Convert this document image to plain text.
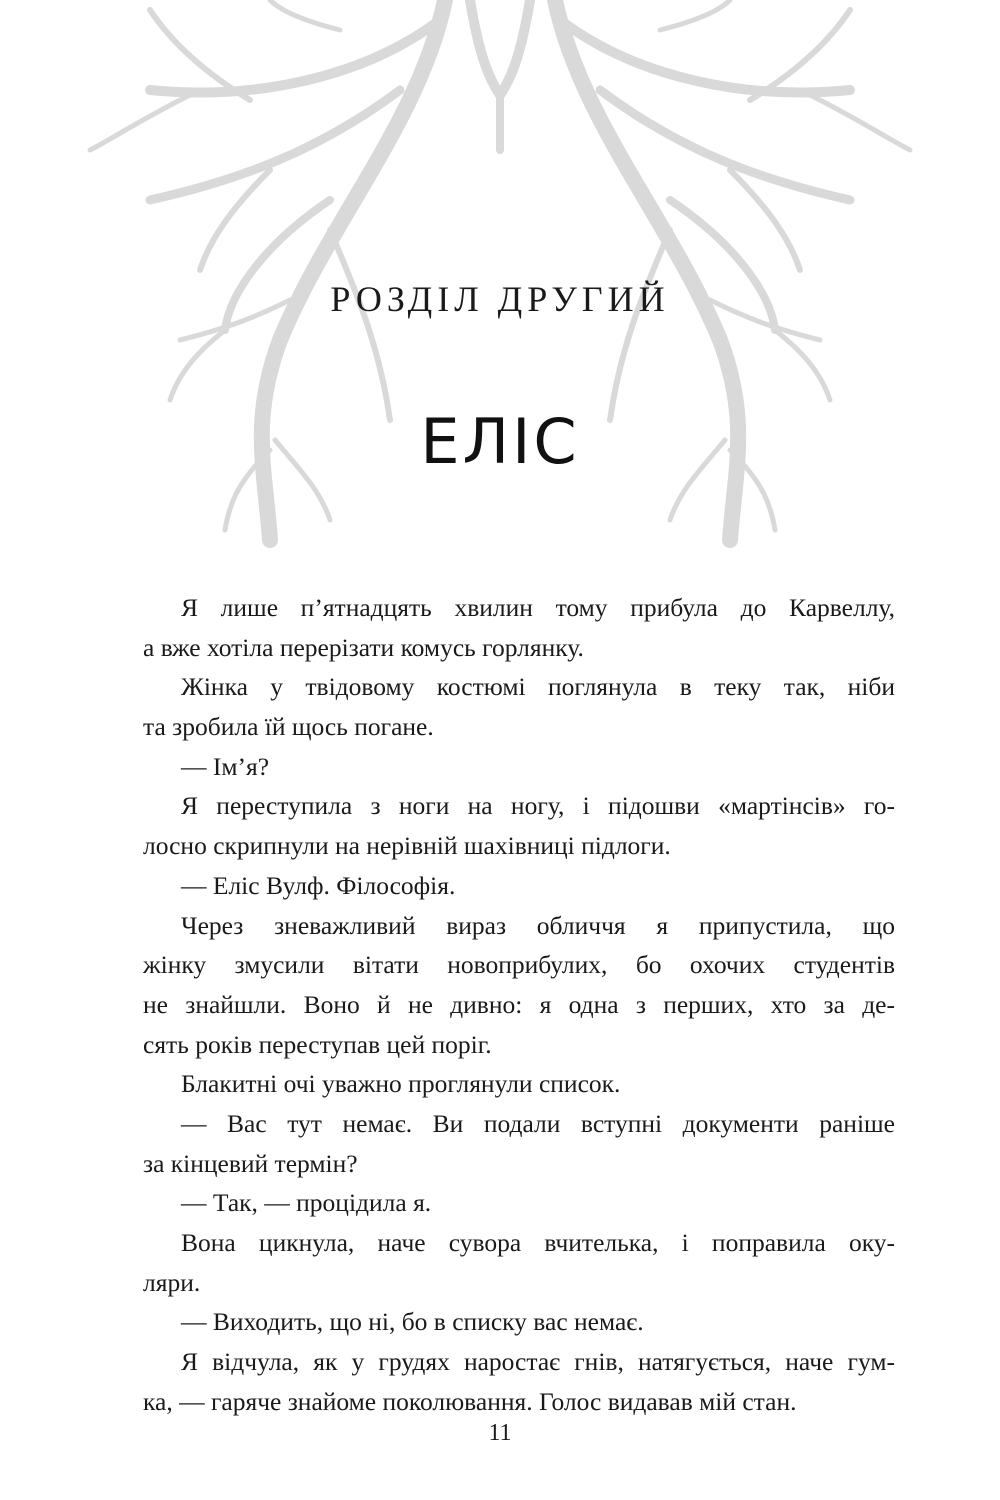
РОЗДІЛ ДРУГИЙ
ЕЛІС
Я лише п’ятнадцять хвилин тому прибула до Карвеллу,
а вже хотіла перерізати комусь горлянку.
Жінка у твідовому костюмі поглянула в теку так, ніби
та зробила їй щось погане.
— Ім’я?
Я переступила з ноги на ногу, і підошви «мартінсів» го-
лосно скрипнули на нерівній шахівниці підлоги.
— Еліс Вулф. Філософія.
Через зневажливий вираз обличчя я припустила, що
жінку змусили вітати новоприбулих, бо охочих студентів
не знайшли. Воно й не дивно: я одна з перших, хто за де-
сять років переступав цей поріг.
Блакитні очі уважно проглянули список.
— Вас тут немає. Ви подали вступні документи раніше
за кінцевий термін?
— Так, — процідила я.
Вона цикнула, наче сувора вчителька, і поправила оку-
ляри.
— Виходить, що ні, бо в списку вас немає.
Я відчула, як у грудях наростає гнів, натягується, наче гум-
ка, — гаряче знайоме поколювання. Голос видавав мій стан.
11
